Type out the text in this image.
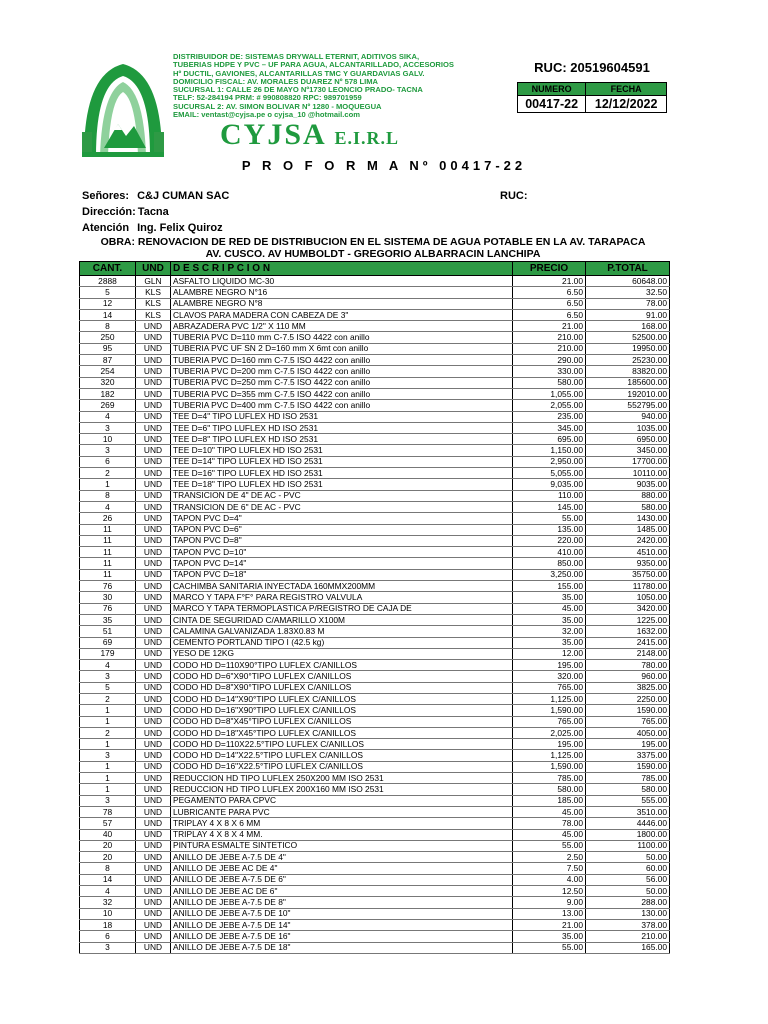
DISTRIBUIDOR DE: SISTEMAS DRYWALL ETERNIT, ADITIVOS SIKA,
TUBERIAS HDPE Y PVC – UF PARA AGUA, ALCANTARILLADO, ACCESORIOS
Hº DUCTIL, GAVIONES, ALCANTARILLAS TMC Y GUARDAVIAS GALV.
DOMICILIO FISCAL: AV. MORALES DUAREZ Nº 578 LIMA
SUCURSAL 1: CALLE 26 DE MAYO Nº1730 LEONCIO PRADO- TACNA
TELF: 52-284194 PRM: # 990808820 RPC: 989701959
SUCURSAL 2: AV. SIMON BOLIVAR Nº 1280 - MOQUEGUA
EMAIL: ventast@cyjsa.pe o cyjsa_10 @hotmail.com
CYJSA E.I.R.L
RUC: 20519604591
NUMERO	FECHA
00417-22	12/12/2022
P R O F O R M A Nº 00417-22
Señores: C&J CUMAN SAC	RUC:
Dirección: Tacna
Atención Ing. Felix Quiroz
OBRA: RENOVACION DE RED DE DISTRIBUCION EN EL SISTEMA DE AGUA POTABLE EN LA AV. TARAPACA
AV. CUSCO. AV HUMBOLDT - GREGORIO ALBARRACIN LANCHIPA
CANT.	UND	D E S C R I P C I O N	PRECIO	P.TOTAL
2888	GLN	ASFALTO LIQUIDO MC-30	21.00	60648.00
5	KLS	ALAMBRE NEGRO N°16	6.50	32.50
12	KLS	ALAMBRE NEGRO N°8	6.50	78.00
14	KLS	CLAVOS PARA MADERA CON CABEZA DE 3"	6.50	91.00
8	UND	ABRAZADERA PVC 1/2" X 110 MM	21.00	168.00
250	UND	TUBERIA PVC D=110 mm C-7.5 ISO 4422 con anillo	210.00	52500.00
95	UND	TUBERIA PVC UF SN 2 D=160 mm X 6mt con anillo	210.00	19950.00
87	UND	TUBERIA PVC D=160 mm C-7.5 ISO 4422 con anillo	290.00	25230.00
254	UND	TUBERIA PVC D=200 mm C-7.5 ISO 4422 con anillo	330.00	83820.00
320	UND	TUBERIA PVC D=250 mm C-7.5 ISO 4422 con anillo	580.00	185600.00
182	UND	TUBERIA PVC D=355 mm C-7.5 ISO 4422 con anillo	1,055.00	192010.00
269	UND	TUBERIA PVC D=400 mm C-7.5 ISO 4422 con anillo	2,055.00	552795.00
4	UND	TEE D=4" TIPO LUFLEX HD ISO 2531	235.00	940.00
3	UND	TEE D=6" TIPO LUFLEX HD ISO 2531	345.00	1035.00
10	UND	TEE D=8" TIPO LUFLEX HD ISO 2531	695.00	6950.00
3	UND	TEE D=10" TIPO LUFLEX HD ISO 2531	1,150.00	3450.00
6	UND	TEE D=14" TIPO LUFLEX HD ISO 2531	2,950.00	17700.00
2	UND	TEE D=16" TIPO LUFLEX HD ISO 2531	5,055.00	10110.00
1	UND	TEE D=18" TIPO LUFLEX HD ISO 2531	9,035.00	9035.00
8	UND	TRANSICION DE 4" DE AC - PVC	110.00	880.00
4	UND	TRANSICION DE 6" DE AC - PVC	145.00	580.00
26	UND	TAPON PVC D=4"	55.00	1430.00
11	UND	TAPON PVC D=6"	135.00	1485.00
11	UND	TAPON PVC D=8"	220.00	2420.00
11	UND	TAPON PVC D=10"	410.00	4510.00
11	UND	TAPON PVC D=14"	850.00	9350.00
11	UND	TAPON PVC D=18"	3,250.00	35750.00
76	UND	CACHIMBA SANITARIA INYECTADA 160MMX200MM	155.00	11780.00
30	UND	MARCO Y TAPA F°F° PARA REGISTRO VALVULA	35.00	1050.00
76	UND	MARCO Y TAPA TERMOPLASTICA P/REGISTRO DE CAJA DE	45.00	3420.00
35	UND	CINTA DE SEGURIDAD C/AMARILLO X100M	35.00	1225.00
51	UND	CALAMINA GALVANIZADA 1.83X0.83 M	32.00	1632.00
69	UND	CEMENTO PORTLAND TIPO I (42.5 kg)	35.00	2415.00
179	UND	YESO DE 12KG	12.00	2148.00
4	UND	CODO HD D=110X90°TIPO LUFLEX C/ANILLOS	195.00	780.00
3	UND	CODO HD D=6"X90°TIPO LUFLEX C/ANILLOS	320.00	960.00
5	UND	CODO HD D=8"X90°TIPO LUFLEX C/ANILLOS	765.00	3825.00
2	UND	CODO HD D=14"X90°TIPO LUFLEX C/ANILLOS	1,125.00	2250.00
1	UND	CODO HD D=16"X90°TIPO LUFLEX C/ANILLOS	1,590.00	1590.00
1	UND	CODO HD D=8"X45°TIPO LUFLEX C/ANILLOS	765.00	765.00
2	UND	CODO HD D=18"X45°TIPO LUFLEX C/ANILLOS	2,025.00	4050.00
1	UND	CODO HD D=110X22.5°TIPO LUFLEX C/ANILLOS	195.00	195.00
3	UND	CODO HD D=14"X22.5°TIPO LUFLEX C/ANILLOS	1,125.00	3375.00
1	UND	CODO HD D=16"X22.5°TIPO LUFLEX C/ANILLOS	1,590.00	1590.00
1	UND	REDUCCION HD TIPO LUFLEX 250X200 MM ISO 2531	785.00	785.00
1	UND	REDUCCION HD TIPO LUFLEX 200X160 MM ISO 2531	580.00	580.00
3	UND	PEGAMENTO PARA CPVC	185.00	555.00
78	UND	LUBRICANTE PARA PVC	45.00	3510.00
57	UND	TRIPLAY 4 X 8 X 6 MM	78.00	4446.00
40	UND	TRIPLAY 4 X 8 X 4 MM.	45.00	1800.00
20	UND	PINTURA ESMALTE SINTETICO	55.00	1100.00
20	UND	ANILLO DE JEBE A-7.5 DE 4"	2.50	50.00
8	UND	ANILLO DE JEBE AC DE 4"	7.50	60.00
14	UND	ANILLO DE JEBE A-7.5 DE 6"	4.00	56.00
4	UND	ANILLO DE JEBE AC DE 6"	12.50	50.00
32	UND	ANILLO DE JEBE A-7.5 DE 8"	9.00	288.00
10	UND	ANILLO DE JEBE A-7.5 DE 10"	13.00	130.00
18	UND	ANILLO DE JEBE A-7.5 DE 14"	21.00	378.00
6	UND	ANILLO DE JEBE A-7.5 DE 16"	35.00	210.00
3	UND	ANILLO DE JEBE A-7.5 DE 18"	55.00	165.00
